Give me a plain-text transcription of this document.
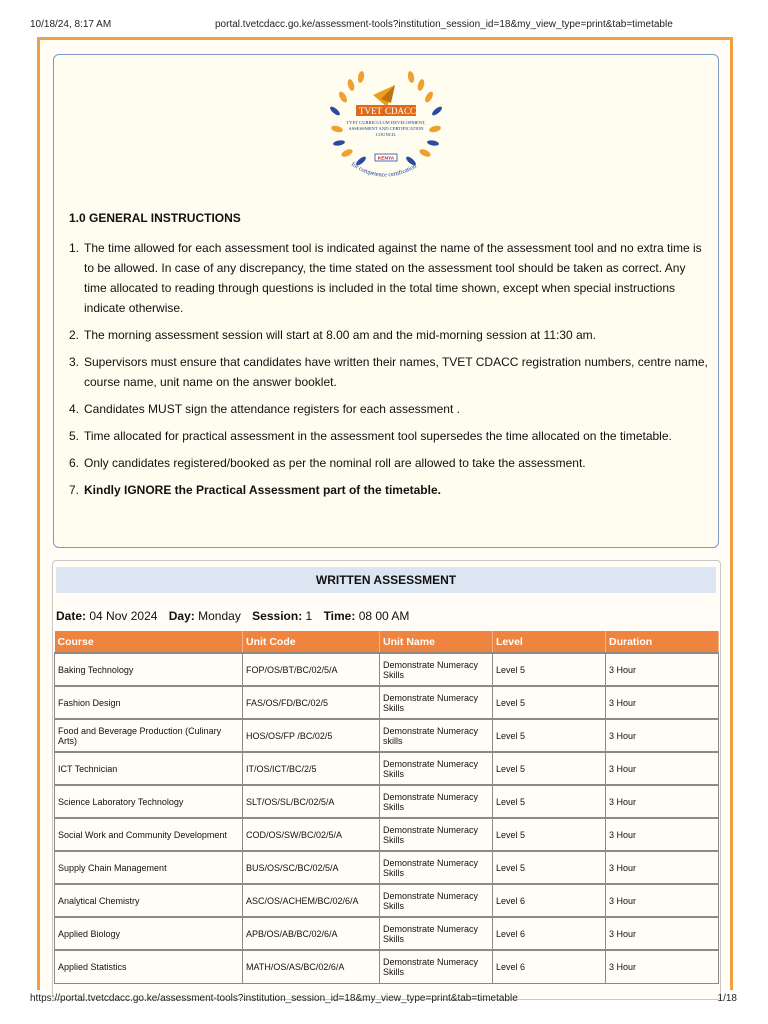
10/18/24, 8:17 AM	portal.tvetcdacc.go.ke/assessment-tools?institution_session_id=18&my_view_type=print&tab=timetable
TVET CDACC
TVET CURRICULUM DEVELOPMENT,
ASSESSMENT AND CERTIFICATION
COUNCIL
KENYA
for competence certification
1.0 GENERAL INSTRUCTIONS
1. The time allowed for each assessment tool is indicated against the name of the assessment tool and no extra time is to be allowed. In case of any discrepancy, the time stated on the assessment tool should be taken as correct. Any time allocated to reading through questions is included in the total time shown, except when special instructions indicate otherwise.
2. The morning assessment session will start at 8.00 am and the mid-morning session at 11:30 am.
3. Supervisors must ensure that candidates have written their names, TVET CDACC registration numbers, centre name, course name, unit name on the answer booklet.
4. Candidates MUST sign the attendance registers for each assessment .
5. Time allocated for practical assessment in the assessment tool supersedes the time allocated on the timetable.
6. Only candidates registered/booked as per the nominal roll are allowed to take the assessment.
7. Kindly IGNORE the Practical Assessment part of the timetable.
WRITTEN ASSESSMENT
Date: 04 Nov 2024 Day: Monday Session: 1 Time: 08 00 AM
Course	Unit Code	Unit Name	Level	Duration
Baking Technology	FOP/OS/BT/BC/02/5/A	Demonstrate Numeracy Skills	Level 5	3 Hour
Fashion Design	FAS/OS/FD/BC/02/5	Demonstrate Numeracy Skills	Level 5	3 Hour
Food and Beverage Production (Culinary Arts)	HOS/OS/FP /BC/02/5	Demonstrate Numeracy skills	Level 5	3 Hour
ICT Technician	IT/OS/ICT/BC/2/5	Demonstrate Numeracy Skills	Level 5	3 Hour
Science Laboratory Technology	SLT/OS/SL/BC/02/5/A	Demonstrate Numeracy Skills	Level 5	3 Hour
Social Work and Community Development	COD/OS/SW/BC/02/5/A	Demonstrate Numeracy Skills	Level 5	3 Hour
Supply Chain Management	BUS/OS/SC/BC/02/5/A	Demonstrate Numeracy Skills	Level 5	3 Hour
Analytical Chemistry	ASC/OS/ACHEM/BC/02/6/A	Demonstrate Numeracy Skills	Level 6	3 Hour
Applied Biology	APB/OS/AB/BC/02/6/A	Demonstrate Numeracy Skills	Level 6	3 Hour
Applied Statistics	MATH/OS/AS/BC/02/6/A	Demonstrate Numeracy Skills	Level 6	3 Hour
https://portal.tvetcdacc.go.ke/assessment-tools?institution_session_id=18&my_view_type=print&tab=timetable	1/18
